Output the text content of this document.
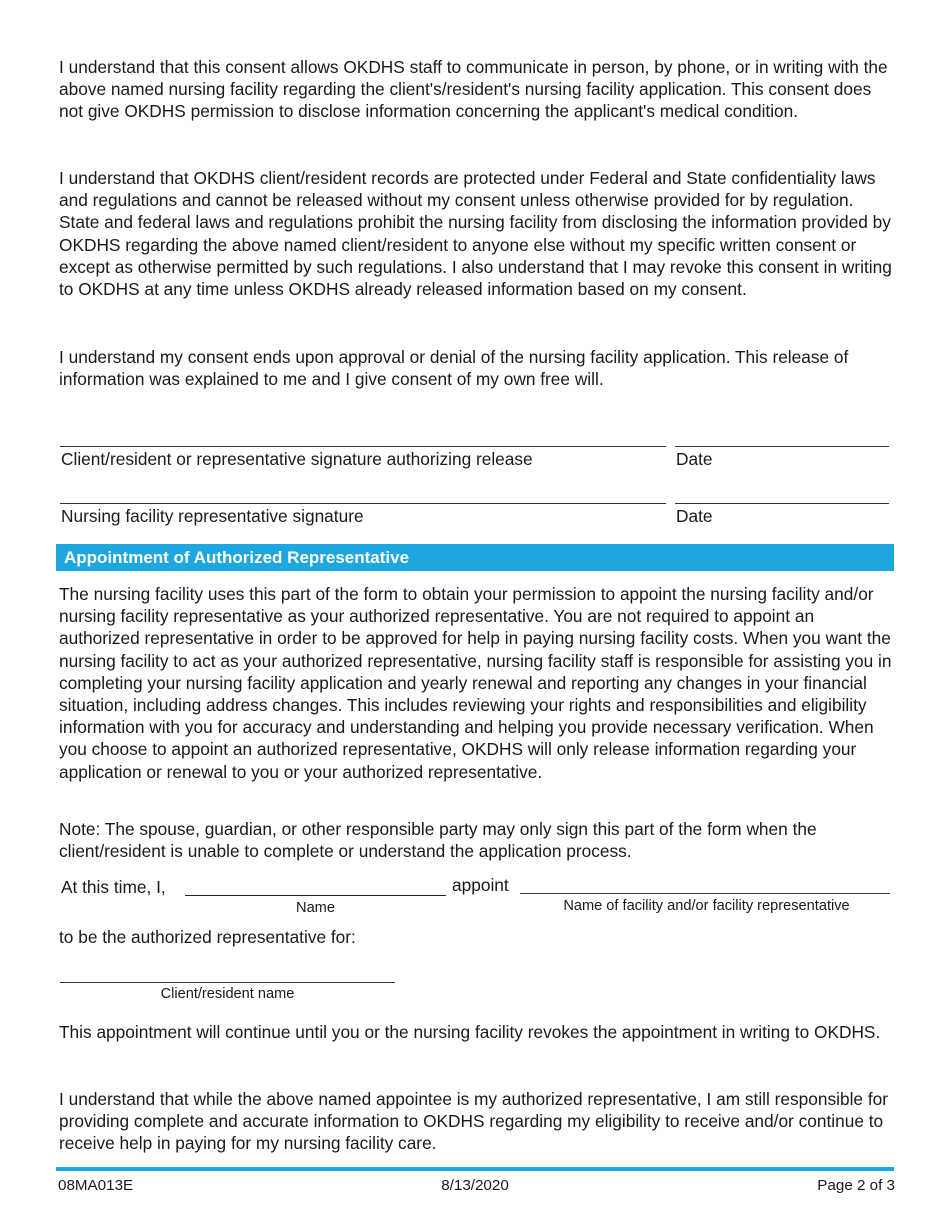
I understand that this consent allows OKDHS staff to communicate in person, by phone, or in writing with the above named nursing facility regarding the client's/resident's nursing facility application. This consent does not give OKDHS permission to disclose information concerning the applicant's medical condition.

I understand that OKDHS client/resident records are protected under Federal and State confidentiality laws and regulations and cannot be released without my consent unless otherwise provided for by regulation. State and federal laws and regulations prohibit the nursing facility from disclosing the information provided by OKDHS regarding the above named client/resident to anyone else without my specific written consent or except as otherwise permitted by such regulations. I also understand that I may revoke this consent in writing to OKDHS at any time unless OKDHS already released information based on my consent.

I understand my consent ends upon approval or denial of the nursing facility application. This release of information was explained to me and I give consent of my own free will.

Client/resident or representative signature authorizing release	Date
Nursing facility representative signature	Date
Appointment of Authorized Representative

The nursing facility uses this part of the form to obtain your permission to appoint the nursing facility and/or nursing facility representative as your authorized representative. You are not required to appoint an authorized representative in order to be approved for help in paying nursing facility costs. When you want the nursing facility to act as your authorized representative, nursing facility staff is responsible for assisting you in completing your nursing facility application and yearly renewal and reporting any changes in your financial situation, including address changes. This includes reviewing your rights and responsibilities and eligibility information with you for accuracy and understanding and helping you provide necessary verification. When you choose to appoint an authorized representative, OKDHS will only release information regarding your application or renewal to you or your authorized representative.

Note: The spouse, guardian, or other responsible party may only sign this part of the form when the client/resident is unable to complete or understand the application process.

At this time, I,
Name
appoint
Name of facility and/or facility representative
to be the authorized representative for:
Client/resident name

This appointment will continue until you or the nursing facility revokes the appointment in writing to OKDHS.

I understand that while the above named appointee is my authorized representative, I am still responsible for providing complete and accurate information to OKDHS regarding my eligibility to receive and/or continue to receive help in paying for my nursing facility care.

08MA013E	8/13/2020	Page 2 of 3
